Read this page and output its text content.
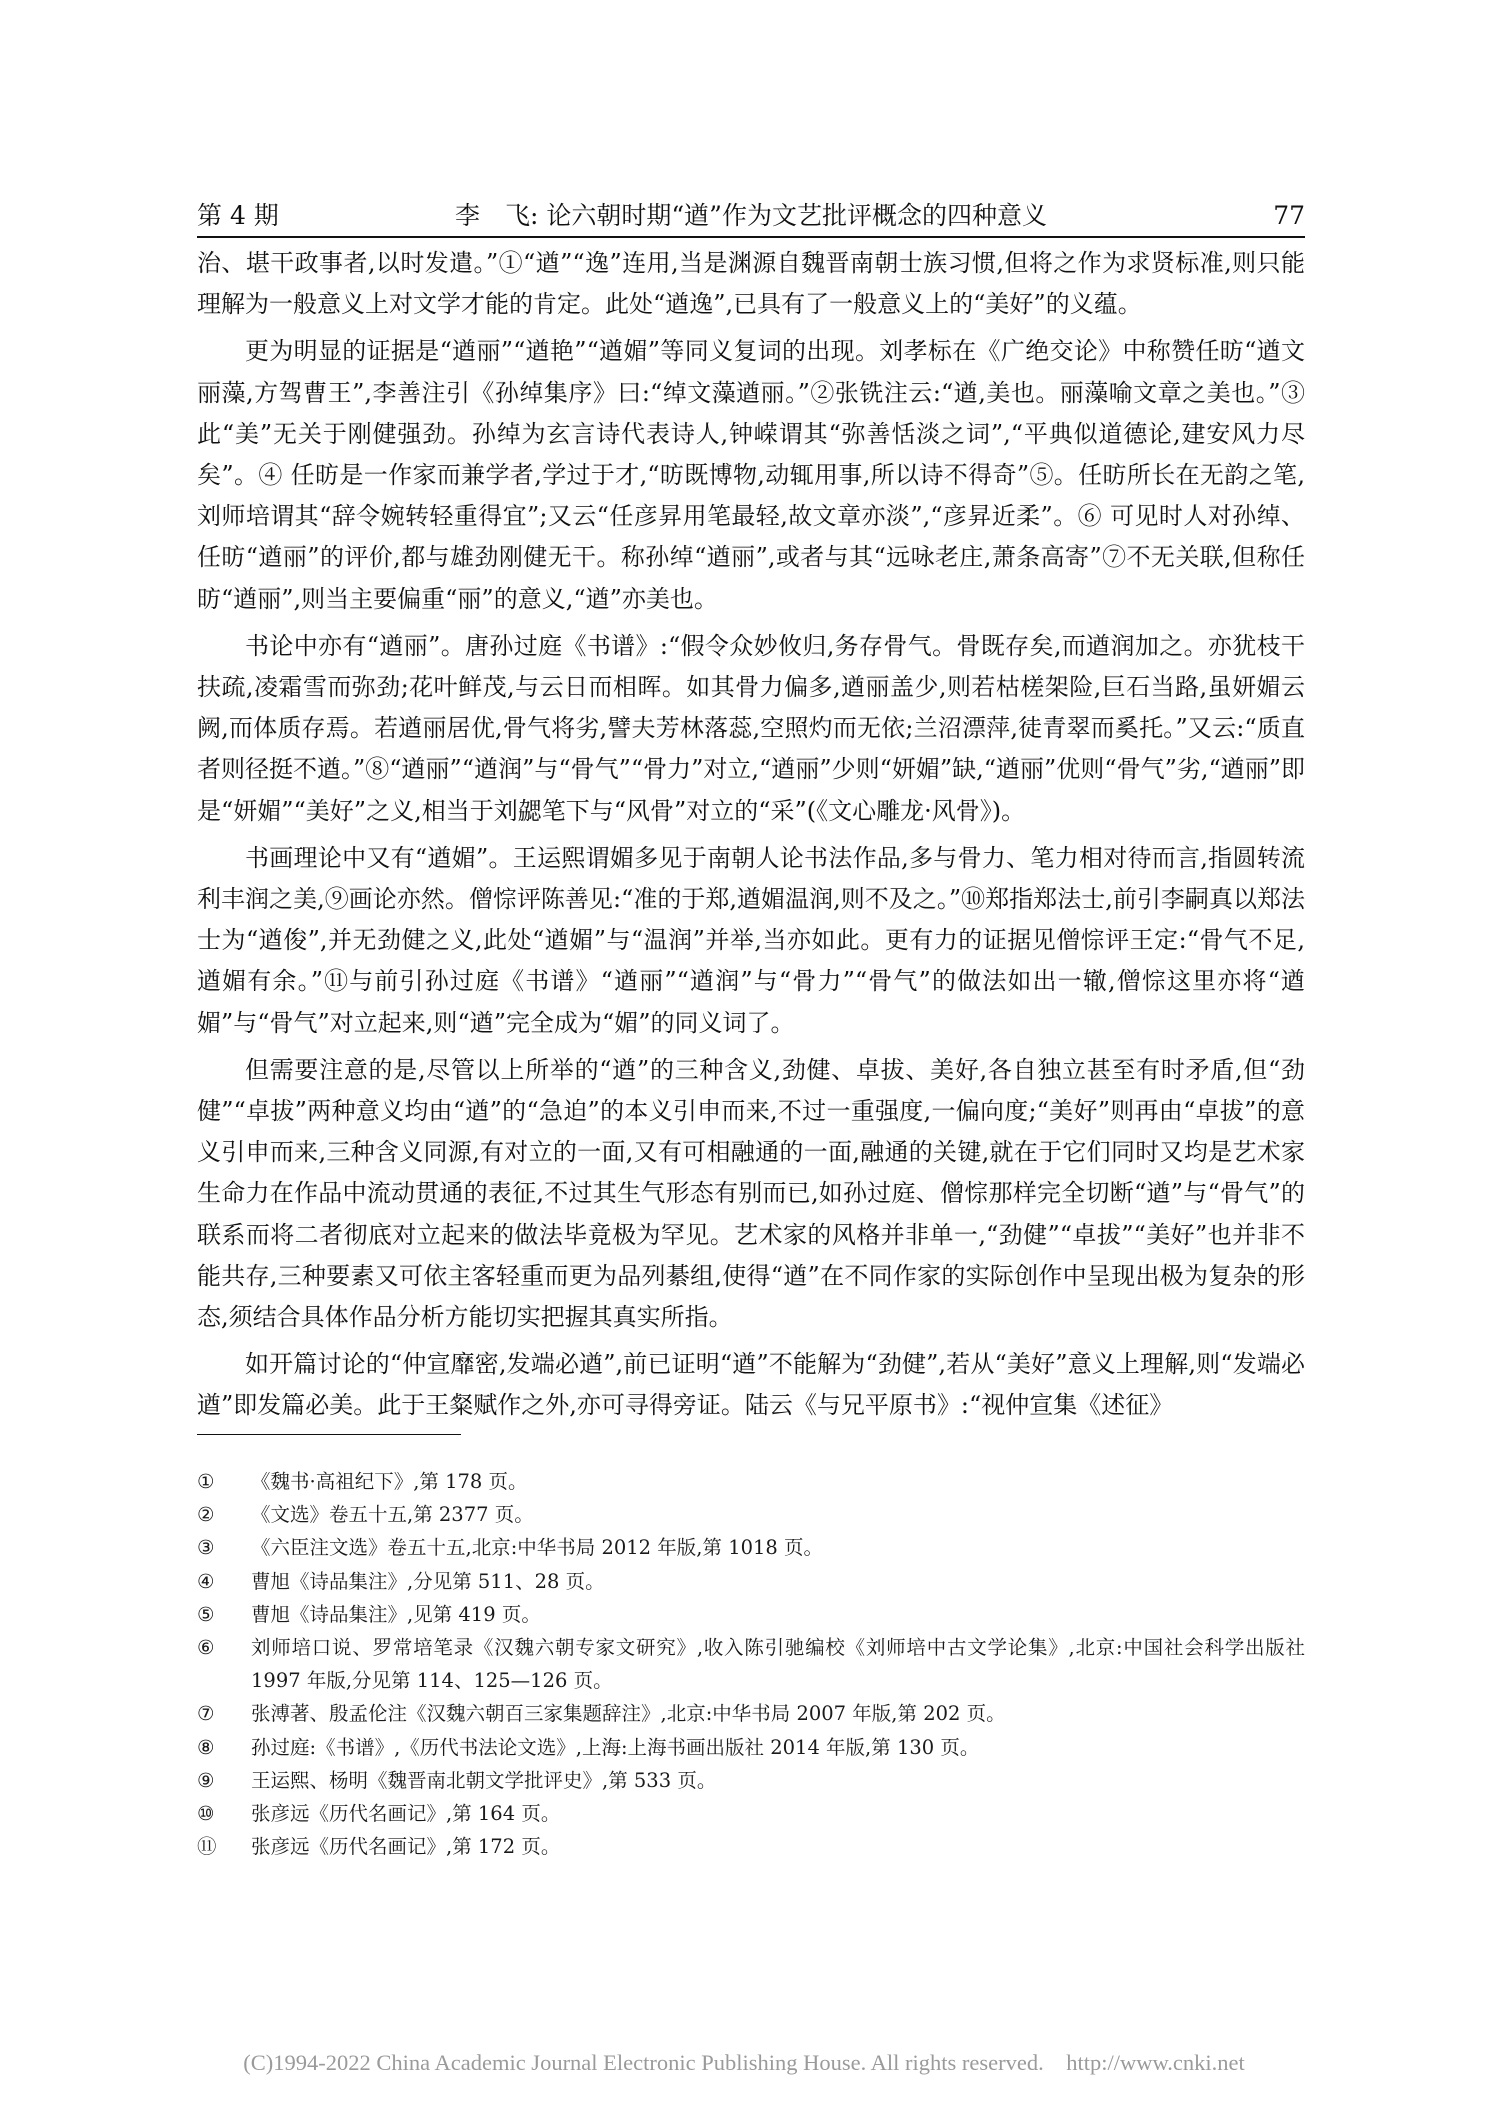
第 4 期	李　飞: 论六朝时期“遒”作为文艺批评概念的四种意义	77

治、堪干政事者,以时发遣。”①“遒”“逸”连用,当是渊源自魏晋南朝士族习惯,但将之作为求贤标准,则只能理解为一般意义上对文学才能的肯定。此处“遒逸”,已具有了一般意义上的“美好”的义蕴。

更为明显的证据是“遒丽”“遒艳”“遒媚”等同义复词的出现。刘孝标在《广绝交论》中称赞任昉“遒文丽藻,方驾曹王”,李善注引《孙绰集序》曰:“绰文藻遒丽。”②张铣注云:“遒,美也。丽藻喻文章之美也。”③此“美”无关于刚健强劲。孙绰为玄言诗代表诗人,钟嵘谓其“弥善恬淡之词”,“平典似道德论,建安风力尽矣”。④ 任昉是一作家而兼学者,学过于才,“昉既博物,动辄用事,所以诗不得奇”⑤。任昉所长在无韵之笔,刘师培谓其“辞令婉转轻重得宜”;又云“任彦昇用笔最轻,故文章亦淡”,“彦昇近柔”。⑥ 可见时人对孙绰、任昉“遒丽”的评价,都与雄劲刚健无干。称孙绰“遒丽”,或者与其“远咏老庄,萧条高寄”⑦不无关联,但称任昉“遒丽”,则当主要偏重“丽”的意义,“遒”亦美也。

书论中亦有“遒丽”。唐孙过庭《书谱》:“假令众妙攸归,务存骨气。骨既存矣,而遒润加之。亦犹枝干扶疏,凌霜雪而弥劲;花叶鲜茂,与云日而相晖。如其骨力偏多,遒丽盖少,则若枯槎架险,巨石当路,虽妍媚云阙,而体质存焉。若遒丽居优,骨气将劣,譬夫芳林落蕊,空照灼而无依;兰沼漂萍,徒青翠而奚托。”又云:“质直者则径挺不遒。”⑧“遒丽”“遒润”与“骨气”“骨力”对立,“遒丽”少则“妍媚”缺,“遒丽”优则“骨气”劣,“遒丽”即是“妍媚”“美好”之义,相当于刘勰笔下与“风骨”对立的“采”(《文心雕龙·风骨》)。

书画理论中又有“遒媚”。王运熙谓媚多见于南朝人论书法作品,多与骨力、笔力相对待而言,指圆转流利丰润之美,⑨画论亦然。僧悰评陈善见:“准的于郑,遒媚温润,则不及之。”⑩郑指郑法士,前引李嗣真以郑法士为“遒俊”,并无劲健之义,此处“遒媚”与“温润”并举,当亦如此。更有力的证据见僧悰评王定:“骨气不足,遒媚有余。”⑪与前引孙过庭《书谱》“遒丽”“遒润”与“骨力”“骨气”的做法如出一辙,僧悰这里亦将“遒媚”与“骨气”对立起来,则“遒”完全成为“媚”的同义词了。

但需要注意的是,尽管以上所举的“遒”的三种含义,劲健、卓拔、美好,各自独立甚至有时矛盾,但“劲健”“卓拔”两种意义均由“遒”的“急迫”的本义引申而来,不过一重强度,一偏向度;“美好”则再由“卓拔”的意义引申而来,三种含义同源,有对立的一面,又有可相融通的一面,融通的关键,就在于它们同时又均是艺术家生命力在作品中流动贯通的表征,不过其生气形态有别而已,如孙过庭、僧悰那样完全切断“遒”与“骨气”的联系而将二者彻底对立起来的做法毕竟极为罕见。艺术家的风格并非单一,“劲健”“卓拔”“美好”也并非不能共存,三种要素又可依主客轻重而更为品列綦组,使得“遒”在不同作家的实际创作中呈现出极为复杂的形态,须结合具体作品分析方能切实把握其真实所指。

如开篇讨论的“仲宣靡密,发端必遒”,前已证明“遒”不能解为“劲健”,若从“美好”意义上理解,则“发端必遒”即发篇必美。此于王粲赋作之外,亦可寻得旁证。陆云《与兄平原书》:“视仲宣集《述征》

①	《魏书·高祖纪下》,第 178 页。
②	《文选》卷五十五,第 2377 页。
③	《六臣注文选》卷五十五,北京:中华书局 2012 年版,第 1018 页。
④	曹旭《诗品集注》,分见第 511、28 页。
⑤	曹旭《诗品集注》,见第 419 页。
⑥	刘师培口说、罗常培笔录《汉魏六朝专家文研究》,收入陈引驰编校《刘师培中古文学论集》,北京:中国社会科学出版社 1997 年版,分见第 114、125—126 页。
⑦	张溥著、殷孟伦注《汉魏六朝百三家集题辞注》,北京:中华书局 2007 年版,第 202 页。
⑧	孙过庭:《书谱》,《历代书法论文选》,上海:上海书画出版社 2014 年版,第 130 页。
⑨	王运熙、杨明《魏晋南北朝文学批评史》,第 533 页。
⑩	张彦远《历代名画记》,第 164 页。
⑪	张彦远《历代名画记》,第 172 页。
(C)1994-2022 China Academic Journal Electronic Publishing House. All rights reserved.    http://www.cnki.net
